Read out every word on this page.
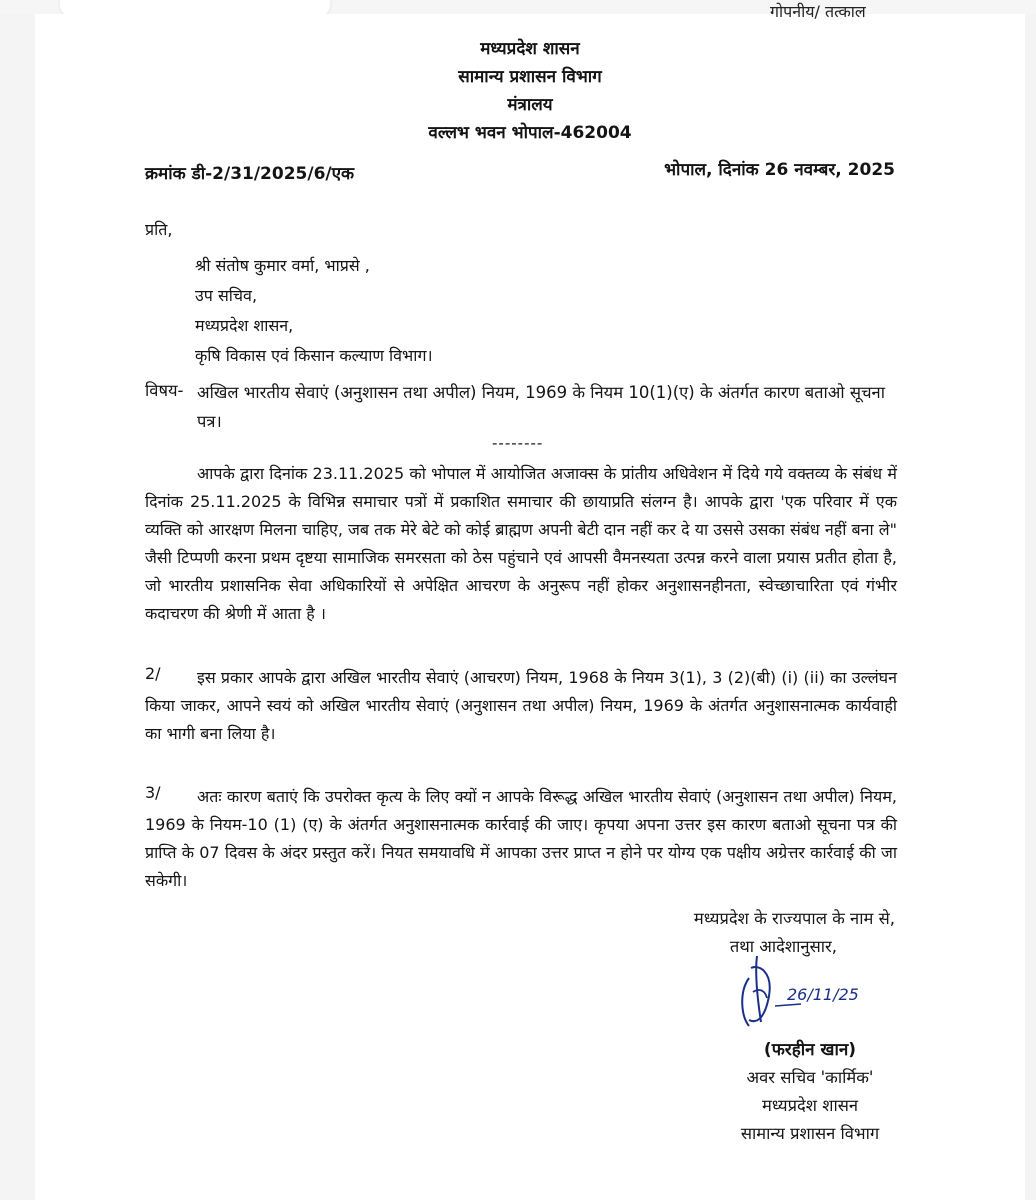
गोपनीय/ तत्काल
मध्यप्रदेश शासन
सामान्य प्रशासन विभाग
मंत्रालय
वल्लभ भवन भोपाल-462004
क्रमांक डी-2/31/2025/6/एक	भोपाल, दिनांक 26 नवम्बर, 2025
प्रति,
श्री संतोष कुमार वर्मा, भाप्रसे ,
उप सचिव,
मध्यप्रदेश शासन,
कृषि विकास एवं किसान कल्याण विभाग।
विषय- अखिल भारतीय सेवाएं (अनुशासन तथा अपील) नियम, 1969 के नियम 10(1)(ए) के अंतर्गत कारण बताओ सूचना पत्र।
--------
आपके द्वारा दिनांक 23.11.2025 को भोपाल में आयोजित अजाक्स के प्रांतीय अधिवेशन में दिये गये वक्तव्य के संबंध में दिनांक 25.11.2025 के विभिन्न समाचार पत्रों में प्रकाशित समाचार की छायाप्रति संलग्न है। आपके द्वारा 'एक परिवार में एक व्यक्ति को आरक्षण मिलना चाहिए, जब तक मेरे बेटे को कोई ब्राह्मण अपनी बेटी दान नहीं कर दे या उससे उसका संबंध नहीं बना ले" जैसी टिप्पणी करना प्रथम दृष्टया सामाजिक समरसता को ठेस पहुंचाने एवं आपसी वैमनस्यता उत्पन्न करने वाला प्रयास प्रतीत होता है, जो भारतीय प्रशासनिक सेवा अधिकारियों से अपेक्षित आचरण के अनुरूप नहीं होकर अनुशासनहीनता, स्वेच्छाचारिता एवं गंभीर कदाचरण की श्रेणी में आता है ।
2/	इस प्रकार आपके द्वारा अखिल भारतीय सेवाएं (आचरण) नियम, 1968 के नियम 3(1), 3 (2)(बी) (i) (ii) का उल्लंघन किया जाकर, आपने स्वयं को अखिल भारतीय सेवाएं (अनुशासन तथा अपील) नियम, 1969 के अंतर्गत अनुशासनात्मक कार्यवाही का भागी बना लिया है।
3/	अतः कारण बताएं कि उपरोक्त कृत्य के लिए क्यों न आपके विरूद्ध अखिल भारतीय सेवाएं (अनुशासन तथा अपील) नियम, 1969 के नियम-10 (1) (ए) के अंतर्गत अनुशासनात्मक कार्रवाई की जाए। कृपया अपना उत्तर इस कारण बताओ सूचना पत्र की प्राप्ति के 07 दिवस के अंदर प्रस्तुत करें। नियत समयावधि में आपका उत्तर प्राप्त न होने पर योग्य एक पक्षीय अग्रेत्तर कार्रवाई की जा सकेगी।
मध्यप्रदेश के राज्यपाल के नाम से,
तथा आदेशानुसार,
26/11/25
(फरहीन खान)
अवर सचिव 'कार्मिक'
मध्यप्रदेश शासन
सामान्य प्रशासन विभाग
